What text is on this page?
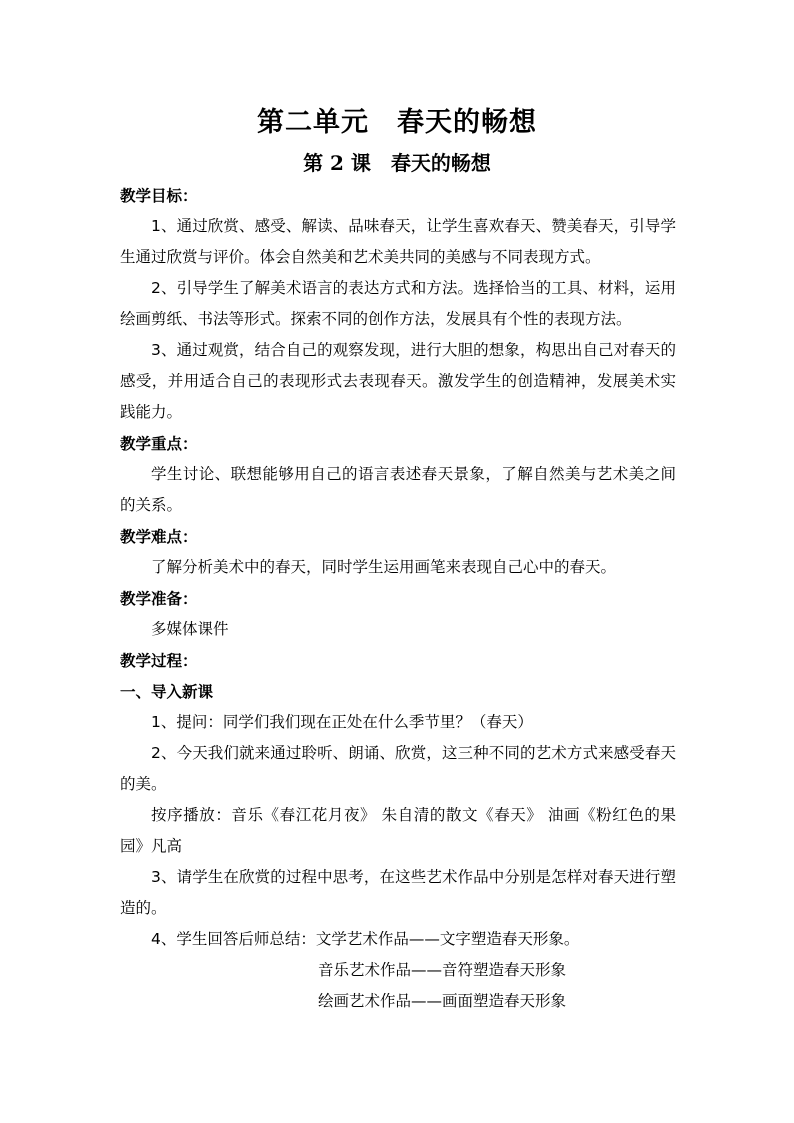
第二单元　春天的畅想
第 2 课　春天的畅想
教学目标：
1、通过欣赏、感受、解读、品味春天，让学生喜欢春天、赞美春天，引导学生通过欣赏与评价。体会自然美和艺术美共同的美感与不同表现方式。
2、引导学生了解美术语言的表达方式和方法。选择恰当的工具、材料，运用绘画剪纸、书法等形式。探索不同的创作方法，发展具有个性的表现方法。
3、通过观赏，结合自己的观察发现，进行大胆的想象，构思出自己对春天的感受，并用适合自己的表现形式去表现春天。激发学生的创造精神，发展美术实践能力。
教学重点：
学生讨论、联想能够用自己的语言表述春天景象，了解自然美与艺术美之间的关系。
教学难点：
了解分析美术中的春天，同时学生运用画笔来表现自己心中的春天。
教学准备：
多媒体课件
教学过程：
一、导入新课
1、提问：同学们我们现在正处在什么季节里？（春天）
2、今天我们就来通过聆听、朗诵、欣赏，这三种不同的艺术方式来感受春天的美。
按序播放：音乐《春江花月夜》 朱自清的散文《春天》 油画《粉红色的果园》凡高
3、请学生在欣赏的过程中思考，在这些艺术作品中分别是怎样对春天进行塑造的。
4、学生回答后师总结：文学艺术作品——文字塑造春天形象。
音乐艺术作品——音符塑造春天形象
绘画艺术作品——画面塑造春天形象
